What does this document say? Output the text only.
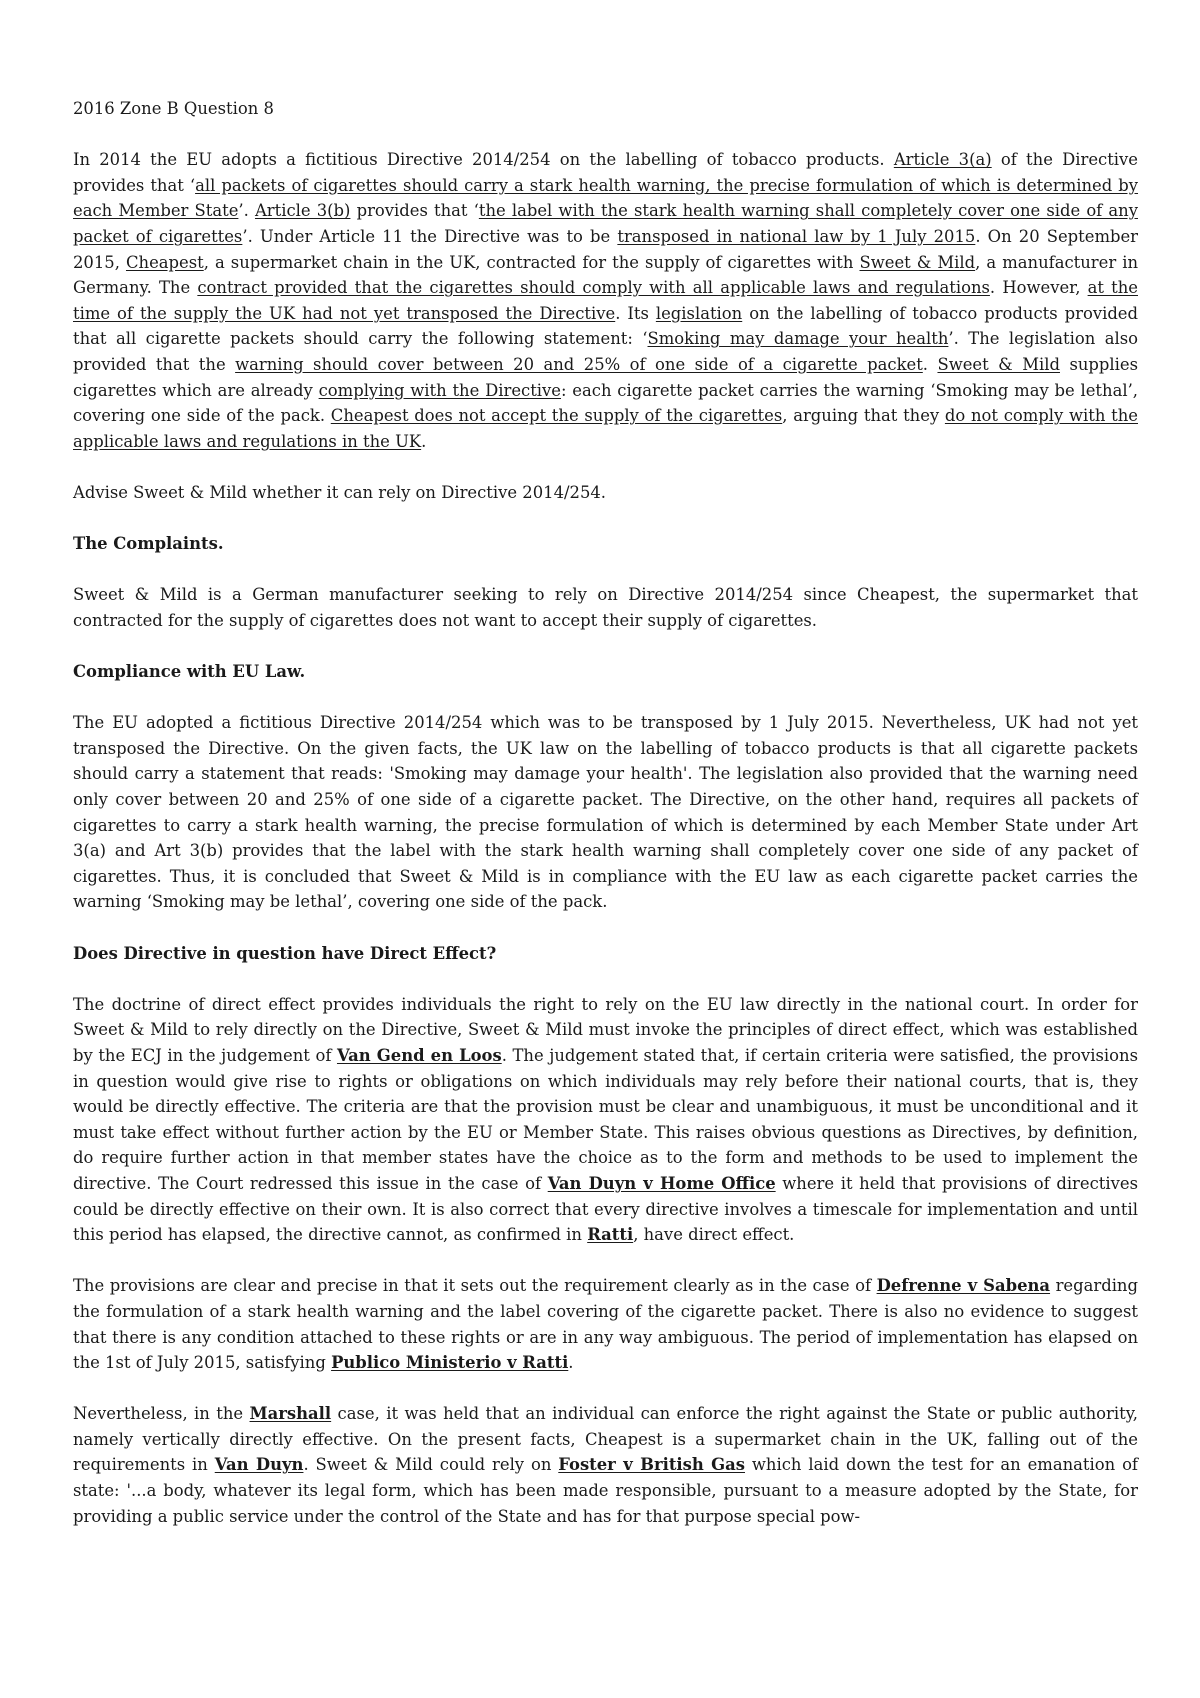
2016 Zone B Question 8

In 2014 the EU adopts a fictitious Directive 2014/254 on the labelling of tobacco products. Article 3(a) of the Directive provides that ‘all packets of cigarettes should carry a stark health warning, the precise formulation of which is determined by each Member State’. Article 3(b) provides that ‘the label with the stark health warning shall completely cover one side of any packet of cigarettes’. Under Article 11 the Directive was to be transposed in national law by 1 July 2015. On 20 September 2015, Cheapest, a supermarket chain in the UK, contracted for the supply of cigarettes with Sweet & Mild, a manufacturer in Germany. The contract provided that the cigarettes should comply with all applicable laws and regulations. However, at the time of the supply the UK had not yet transposed the Directive. Its legislation on the labelling of tobacco products provided that all cigarette packets should carry the following statement: ‘Smoking may damage your health’. The legislation also provided that the warning should cover between 20 and 25% of one side of a cigarette packet. Sweet & Mild supplies cigarettes which are already complying with the Directive: each cigarette packet carries the warning ‘Smoking may be lethal’, covering one side of the pack. Cheapest does not accept the supply of the cigarettes, arguing that they do not comply with the applicable laws and regulations in the UK.

Advise Sweet & Mild whether it can rely on Directive 2014/254.

The Complaints.

Sweet & Mild is a German manufacturer seeking to rely on Directive 2014/254 since Cheapest, the supermarket that contracted for the supply of cigarettes does not want to accept their supply of cigarettes.

Compliance with EU Law.

The EU adopted a fictitious Directive 2014/254 which was to be transposed by 1 July 2015. Nevertheless, UK had not yet transposed the Directive. On the given facts, the UK law on the labelling of tobacco products is that all cigarette packets should carry a statement that reads: 'Smoking may damage your health'. The legislation also provided that the warning need only cover between 20 and 25% of one side of a cigarette packet. The Directive, on the other hand, requires all packets of cigarettes to carry a stark health warning, the precise formulation of which is determined by each Member State under Art 3(a) and Art 3(b) provides that the label with the stark health warning shall completely cover one side of any packet of cigarettes. Thus, it is concluded that Sweet & Mild is in compliance with the EU law as each cigarette packet carries the warning ‘Smoking may be lethal’, covering one side of the pack.

Does Directive in question have Direct Effect?

The doctrine of direct effect provides individuals the right to rely on the EU law directly in the national court. In order for Sweet & Mild to rely directly on the Directive, Sweet & Mild must invoke the principles of direct effect, which was established by the ECJ in the judgement of Van Gend en Loos. The judgement stated that, if certain criteria were satisfied, the provisions in question would give rise to rights or obligations on which individuals may rely before their national courts, that is, they would be directly effective. The criteria are that the provision must be clear and unambiguous, it must be unconditional and it must take effect without further action by the EU or Member State. This raises obvious questions as Directives, by definition, do require further action in that member states have the choice as to the form and methods to be used to implement the directive. The Court redressed this issue in the case of Van Duyn v Home Office where it held that provisions of directives could be directly effective on their own. It is also correct that every directive involves a timescale for implementation and until this period has elapsed, the directive cannot, as confirmed in Ratti, have direct effect.

The provisions are clear and precise in that it sets out the requirement clearly as in the case of Defrenne v Sabena regarding the formulation of a stark health warning and the label covering of the cigarette packet. There is also no evidence to suggest that there is any condition attached to these rights or are in any way ambiguous. The period of implementation has elapsed on the 1st of July 2015, satisfying Publico Ministerio v Ratti.

Nevertheless, in the Marshall case, it was held that an individual can enforce the right against the State or public authority, namely vertically directly effective. On the present facts, Cheapest is a supermarket chain in the UK, falling out of the requirements in Van Duyn. Sweet & Mild could rely on Foster v British Gas which laid down the test for an emanation of state: '...a body, whatever its legal form, which has been made responsible, pursuant to a measure adopted by the State, for providing a public service under the control of the State and has for that purpose special pow-
